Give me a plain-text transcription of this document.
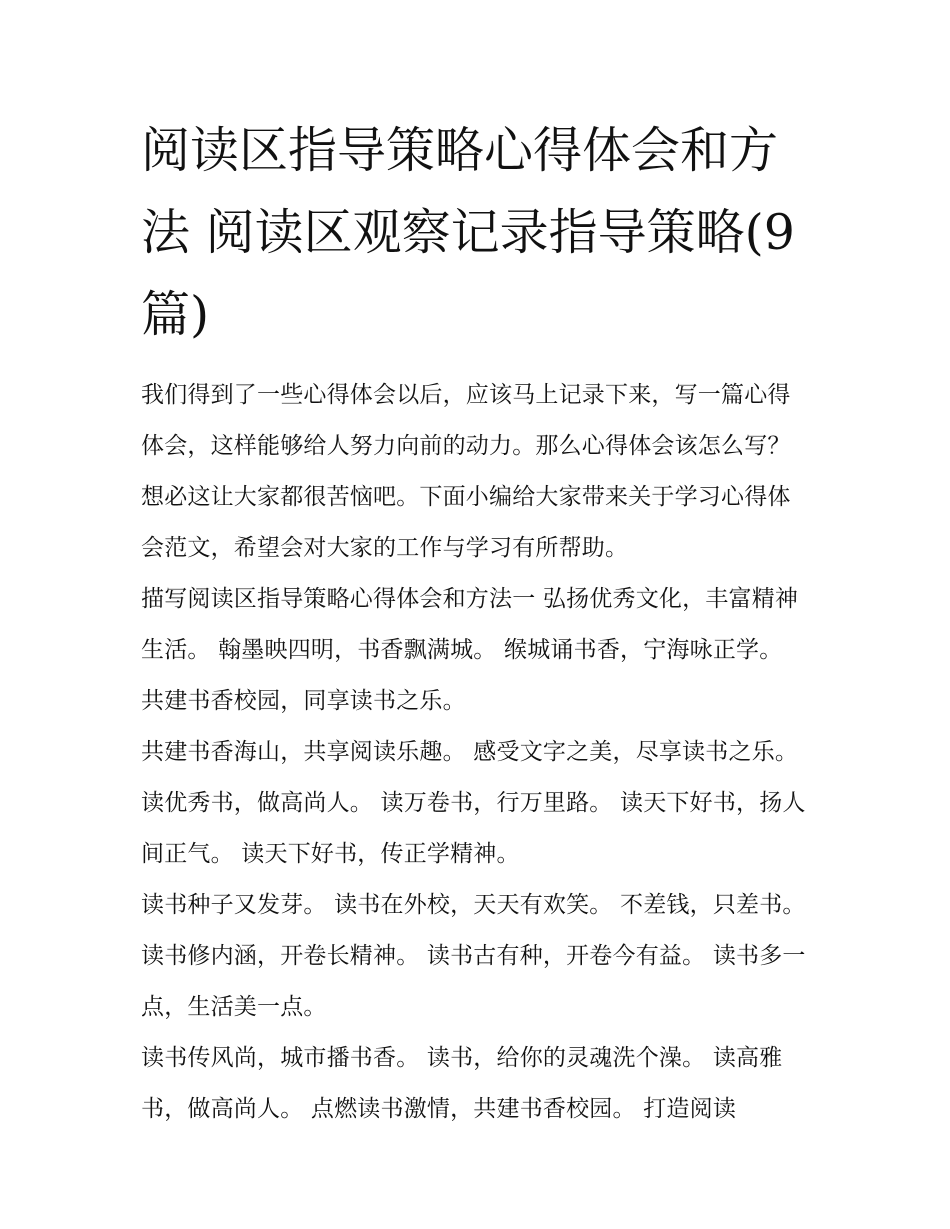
阅读区指导策略心得体会和方法 阅读区观察记录指导策略(9篇)

我们得到了一些心得体会以后，应该马上记录下来，写一篇心得体会，这样能够给人努力向前的动力。那么心得体会该怎么写？想必这让大家都很苦恼吧。下面小编给大家带来关于学习心得体会范文，希望会对大家的工作与学习有所帮助。

描写阅读区指导策略心得体会和方法一 弘扬优秀文化，丰富精神生活。 翰墨映四明，书香飘满城。 缑城诵书香，宁海咏正学。 共建书香校园，同享读书之乐。

共建书香海山，共享阅读乐趣。 感受文字之美，尽享读书之乐。 读优秀书，做高尚人。 读万卷书，行万里路。 读天下好书，扬人间正气。 读天下好书，传正学精神。

读书种子又发芽。 读书在外校，天天有欢笑。 不差钱，只差书。 读书修内涵，开卷长精神。 读书古有种，开卷今有益。 读书多一点，生活美一点。

读书传风尚，城市播书香。 读书，给你的灵魂洗个澡。 读高雅书，做高尚人。 点燃读书激情，共建书香校园。 打造阅读
